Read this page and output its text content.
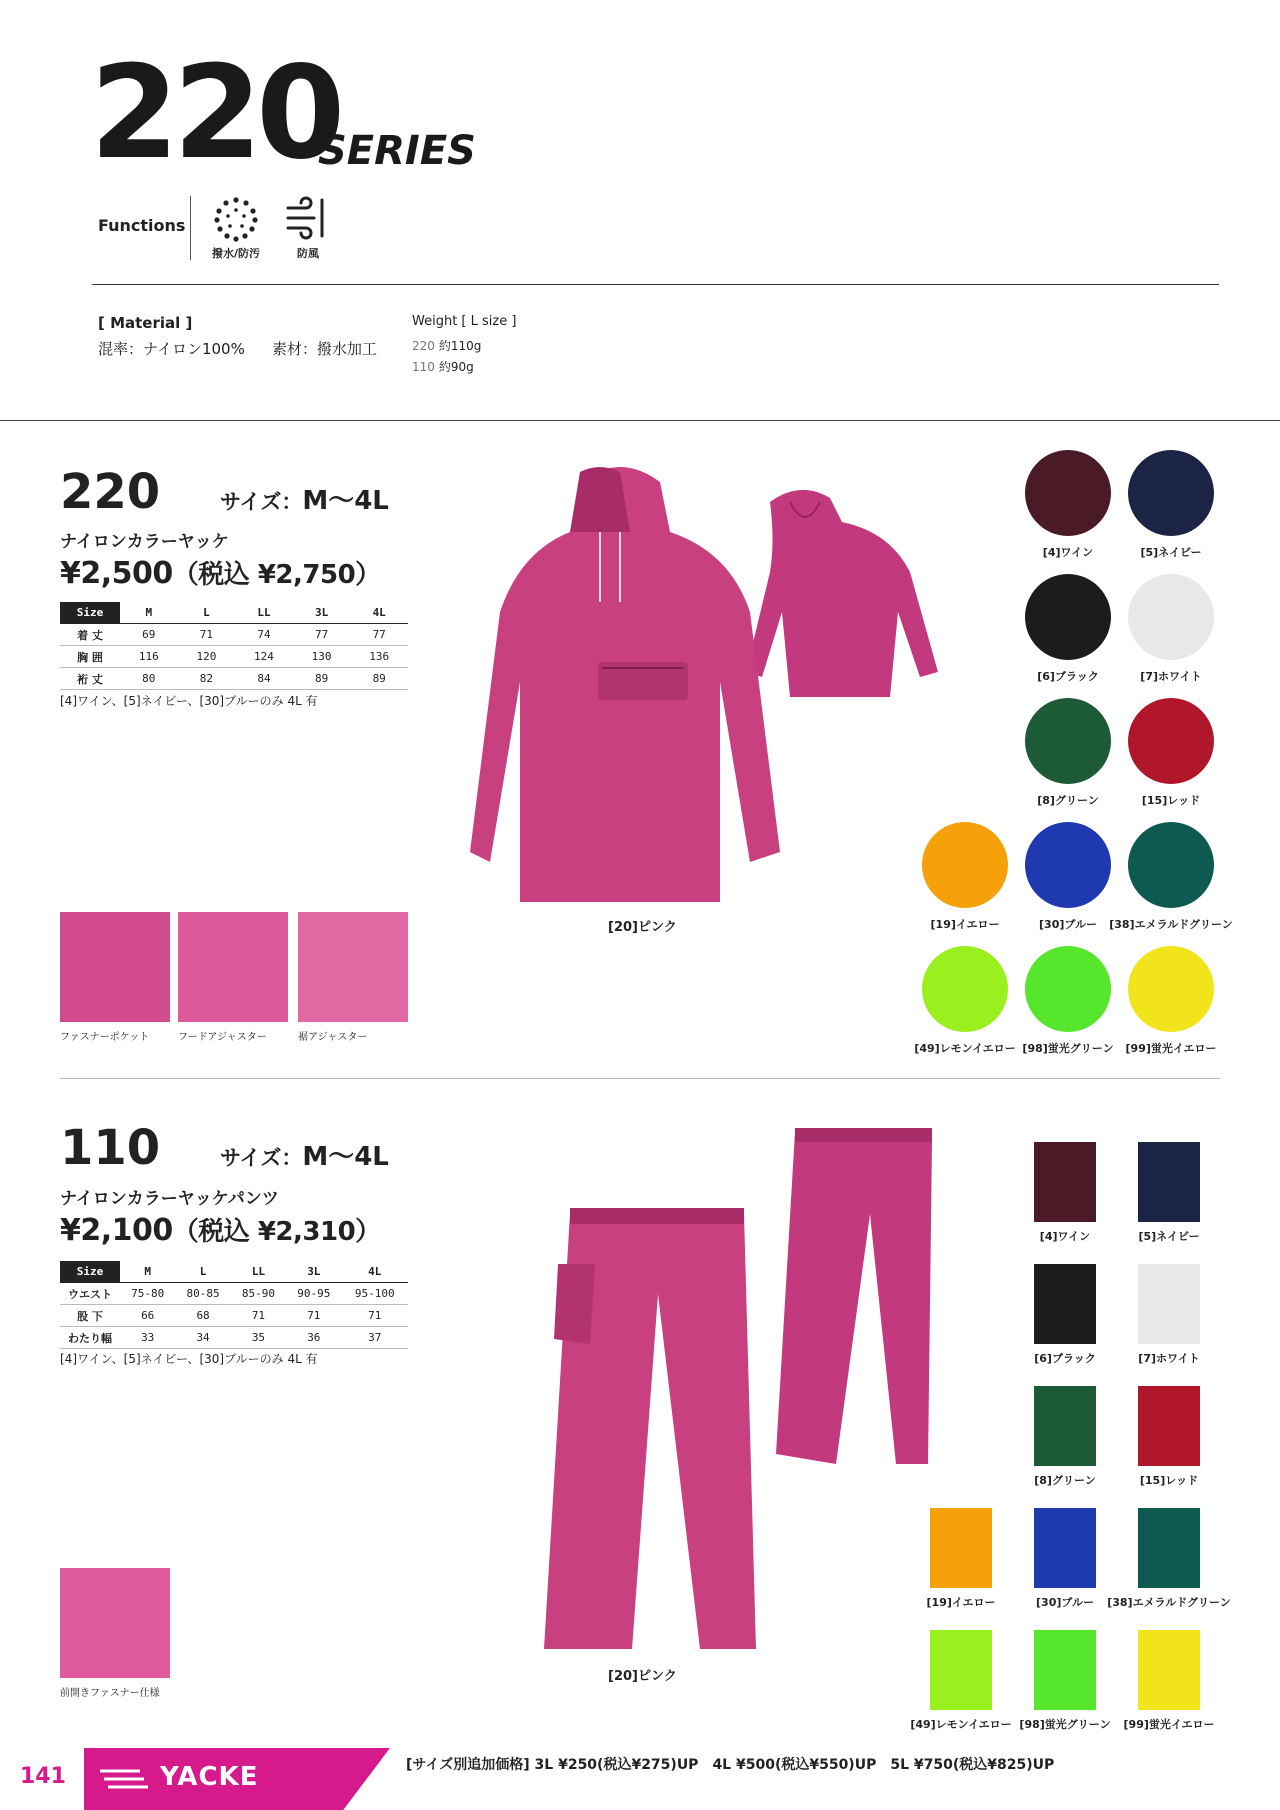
220
SERIES
Functions
撥水/防汚	防風
[ Material ]
混率：ナイロン100% 素材：撥水加工
Weight [ L size ]
220 約110g
110 約90g
220	サイズ：M〜4L
ナイロンカラーヤッケ
¥2,500（税込 ¥2,750）
Size	M	L	LL	3L	4L
着 丈	69	71	74	77	77
胸 囲	116	120	124	130	136
裄 丈	80	82	84	89	89
[4]ワイン、[5]ネイビー、[30]ブルーのみ 4L 有
[20]ピンク
ファスナーポケット	フードアジャスター	裾アジャスター
[4]ワイン	[5]ネイビー
[6]ブラック	[7]ホワイト
[8]グリーン	[15]レッド
[19]イエロー	[30]ブルー	[38]エメラルドグリーン
[49]レモンイエロー [98]蛍光グリーン	[99]蛍光イエロー
110	サイズ：M〜4L
ナイロンカラーヤッケパンツ
¥2,100（税込 ¥2,310）
Size	M	L	LL	3L	4L
ウエスト	75-80	80-85	85-90	90-95	95-100
股 下	66	68	71	71	71
わたり幅	33	34	35	36	37
[4]ワイン、[5]ネイビー、[30]ブルーのみ 4L 有
[20]ピンク
前開きファスナー仕様
[4]ワイン	[5]ネイビー
[6]ブラック	[7]ホワイト
[8]グリーン	[15]レッド
[19]イエロー	[30]ブルー	[38]エメラルドグリーン
[49]レモンイエロー [98]蛍光グリーン	[99]蛍光イエロー
141	YACKE	[サイズ別追加価格] 3L ¥250(税込¥275)UP　4L ¥500(税込¥550)UP　5L ¥750(税込¥825)UP
